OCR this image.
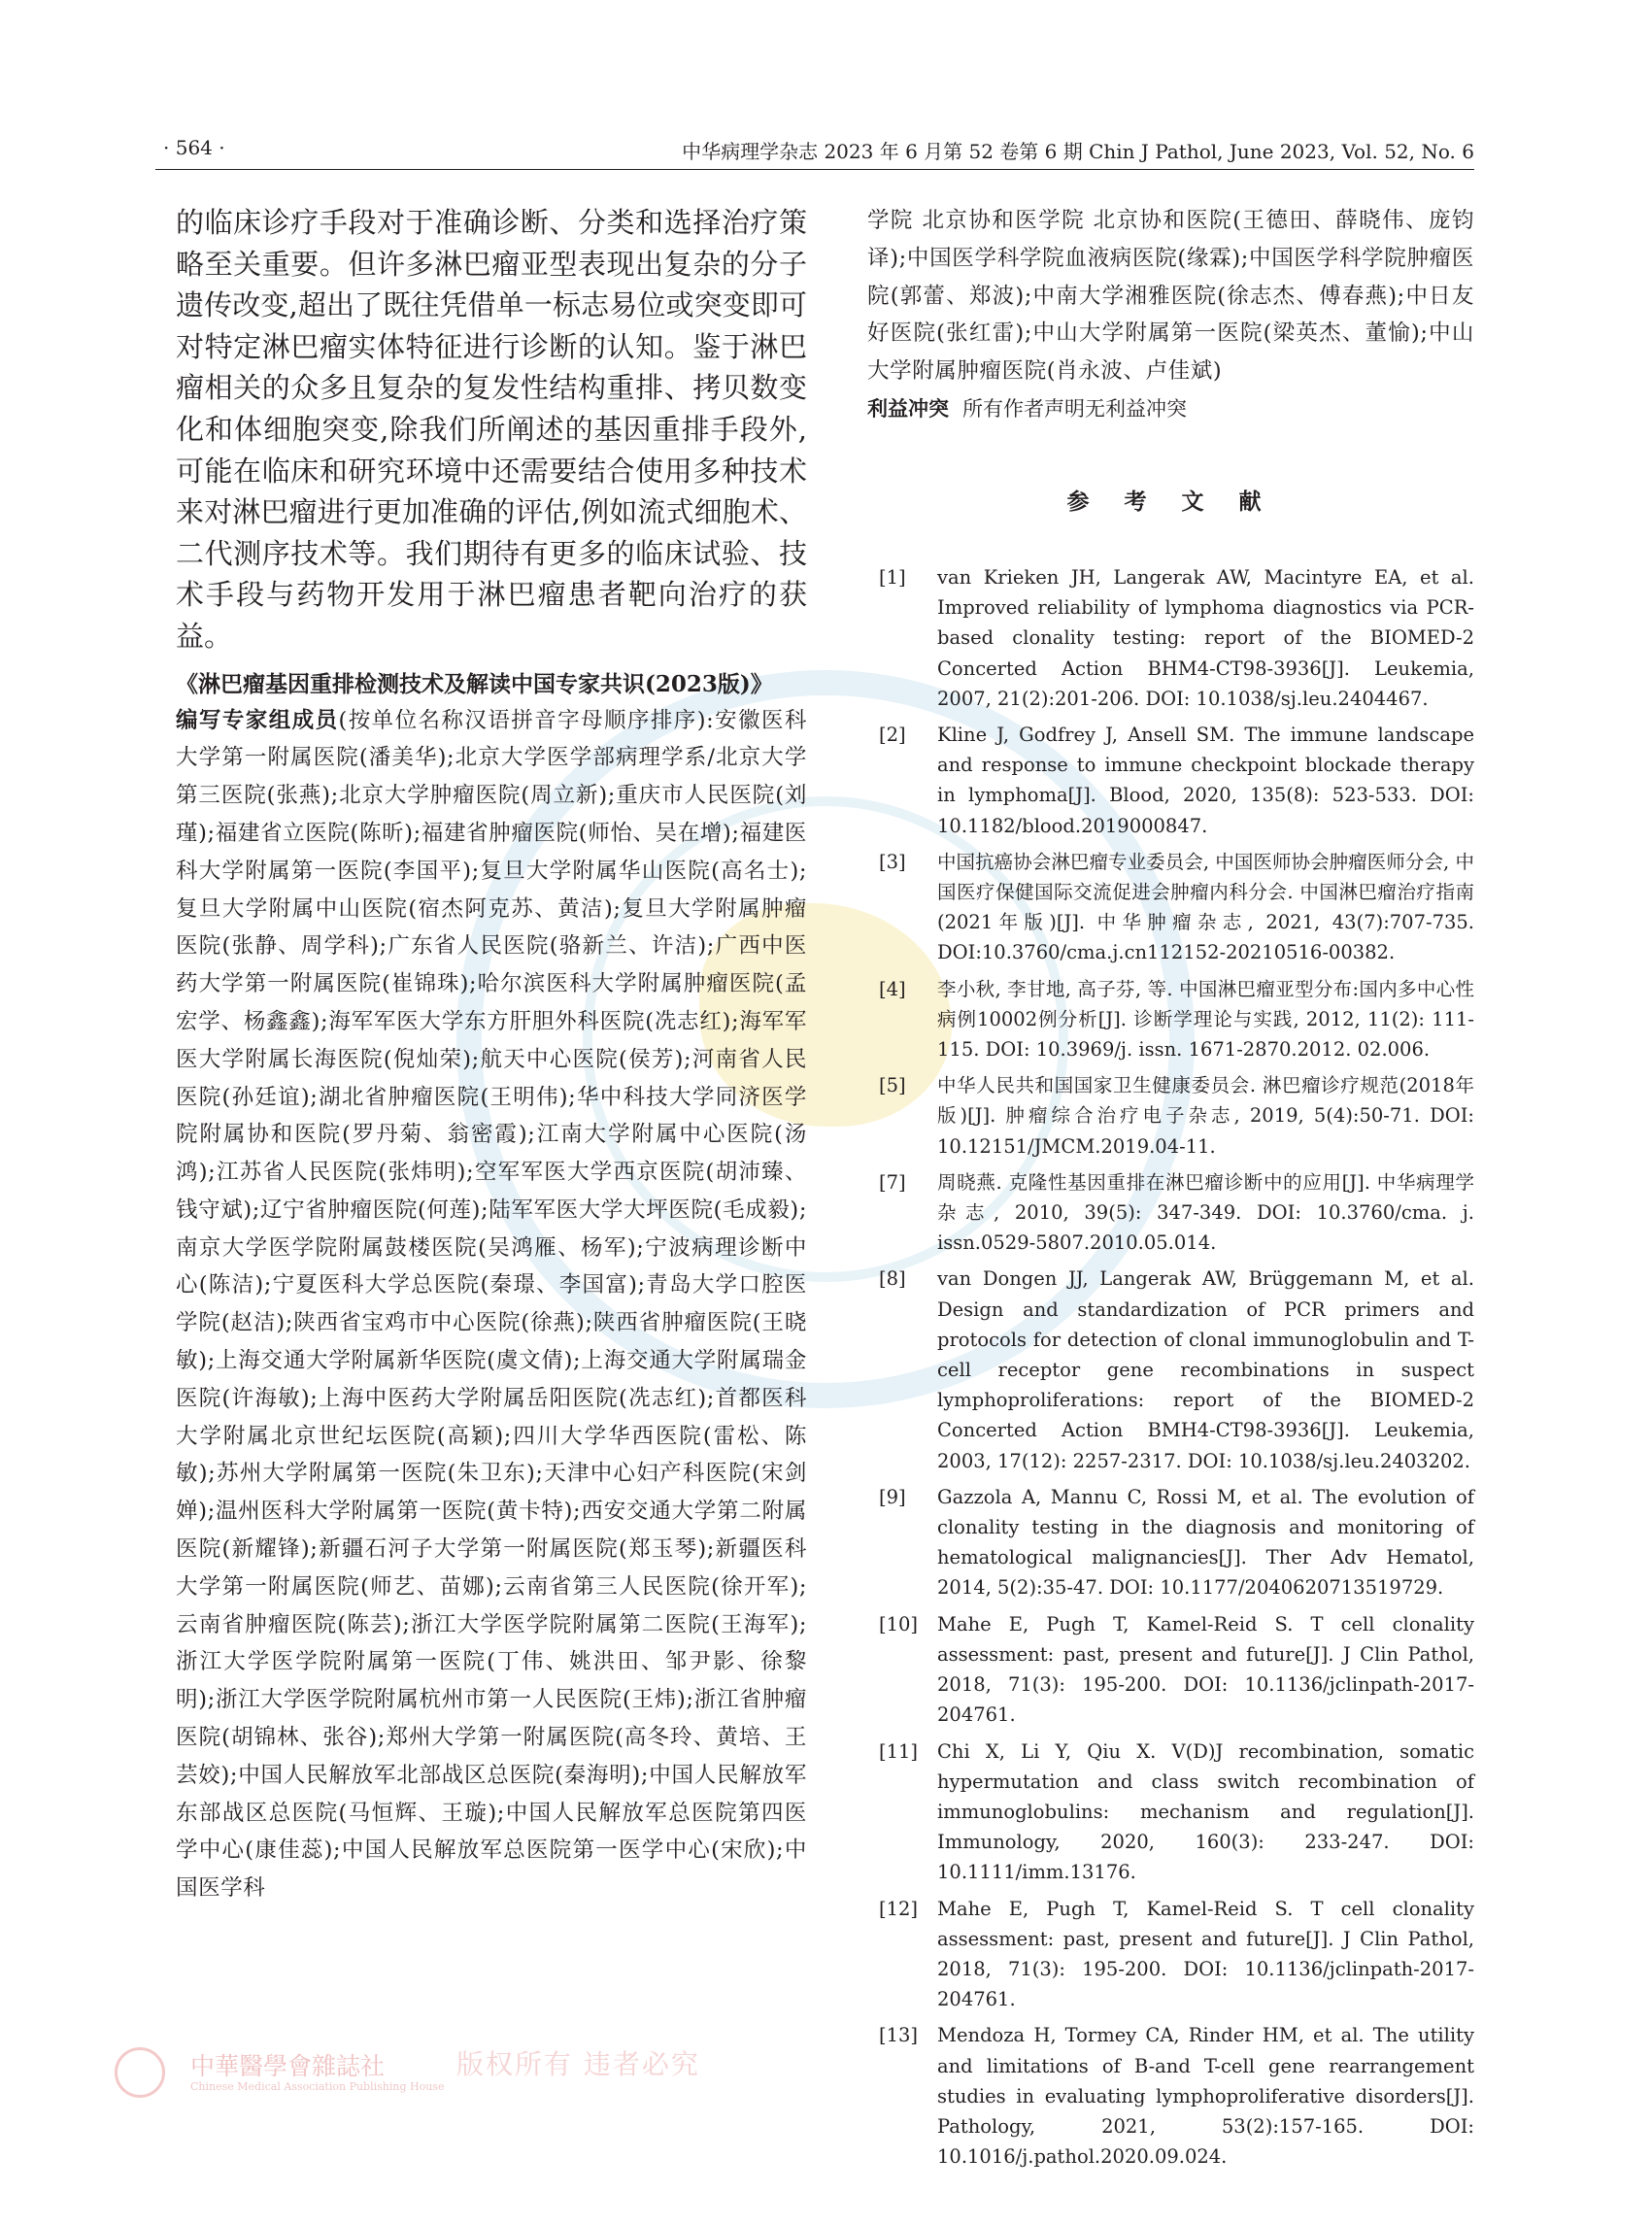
· 564 ·	中华病理学杂志 2023 年 6 月第 52 卷第 6 期 Chin J Pathol, June 2023, Vol. 52, No. 6

的临床诊疗手段对于准确诊断、分类和选择治疗策略至关重要。但许多淋巴瘤亚型表现出复杂的分子遗传改变,超出了既往凭借单一标志易位或突变即可对特定淋巴瘤实体特征进行诊断的认知。鉴于淋巴瘤相关的众多且复杂的复发性结构重排、拷贝数变化和体细胞突变,除我们所阐述的基因重排手段外,可能在临床和研究环境中还需要结合使用多种技术来对淋巴瘤进行更加准确的评估,例如流式细胞术、二代测序技术等。我们期待有更多的临床试验、技术手段与药物开发用于淋巴瘤患者靶向治疗的获益。

《淋巴瘤基因重排检测技术及解读中国专家共识(2023版)》

编写专家组成员(按单位名称汉语拼音字母顺序排序):安徽医科大学第一附属医院(潘美华);北京大学医学部病理学系/北京大学第三医院(张燕);北京大学肿瘤医院(周立新);重庆市人民医院(刘瑾);福建省立医院(陈昕);福建省肿瘤医院(师怡、吴在增);福建医科大学附属第一医院(李国平);复旦大学附属华山医院(高名士);复旦大学附属中山医院(宿杰阿克苏、黄洁);复旦大学附属肿瘤医院(张静、周学科);广东省人民医院(骆新兰、许洁);广西中医药大学第一附属医院(崔锦珠);哈尔滨医科大学附属肿瘤医院(孟宏学、杨鑫鑫);海军军医大学东方肝胆外科医院(冼志红);海军军医大学附属长海医院(倪灿荣);航天中心医院(侯芳);河南省人民医院(孙廷谊);湖北省肿瘤医院(王明伟);华中科技大学同济医学院附属协和医院(罗丹菊、翁密霞);江南大学附属中心医院(汤鸿);江苏省人民医院(张炜明);空军军医大学西京医院(胡沛臻、钱守斌);辽宁省肿瘤医院(何莲);陆军军医大学大坪医院(毛成毅);南京大学医学院附属鼓楼医院(吴鸿雁、杨军);宁波病理诊断中心(陈洁);宁夏医科大学总医院(秦璟、李国富);青岛大学口腔医学院(赵洁);陕西省宝鸡市中心医院(徐燕);陕西省肿瘤医院(王晓敏);上海交通大学附属新华医院(虞文倩);上海交通大学附属瑞金医院(许海敏);上海中医药大学附属岳阳医院(冼志红);首都医科大学附属北京世纪坛医院(高颖);四川大学华西医院(雷松、陈敏);苏州大学附属第一医院(朱卫东);天津中心妇产科医院(宋剑婵);温州医科大学附属第一医院(黄卡特);西安交通大学第二附属医院(新耀锋);新疆石河子大学第一附属医院(郑玉琴);新疆医科大学第一附属医院(师艺、苗娜);云南省第三人民医院(徐开军);云南省肿瘤医院(陈芸);浙江大学医学院附属第二医院(王海军);浙江大学医学院附属第一医院(丁伟、姚洪田、邹尹影、徐黎明);浙江大学医学院附属杭州市第一人民医院(王炜);浙江省肿瘤医院(胡锦林、张谷);郑州大学第一附属医院(高冬玲、黄培、王芸姣);中国人民解放军北部战区总医院(秦海明);中国人民解放军东部战区总医院(马恒辉、王璇);中国人民解放军总医院第四医学中心(康佳蕊);中国人民解放军总医院第一医学中心(宋欣);中国医学科

学院 北京协和医学院 北京协和医院(王德田、薛晓伟、庞钧译);中国医学科学院血液病医院(缘霖);中国医学科学院肿瘤医院(郭蕾、郑波);中南大学湘雅医院(徐志杰、傅春燕);中日友好医院(张红雷);中山大学附属第一医院(梁英杰、董愉);中山大学附属肿瘤医院(肖永波、卢佳斌)

利益冲突 所有作者声明无利益冲突

参 考 文 献
[1] van Krieken JH, Langerak AW, Macintyre EA, et al. Improved reliability of lymphoma diagnostics via PCR-based clonality testing: report of the BIOMED-2 Concerted Action BHM4-CT98-3936[J]. Leukemia, 2007, 21(2):201-206. DOI: 10.1038/sj.leu.2404467.
[2] Kline J, Godfrey J, Ansell SM. The immune landscape and response to immune checkpoint blockade therapy in lymphoma[J]. Blood, 2020, 135(8): 523-533. DOI: 10.1182/blood.2019000847.
[3] 中国抗癌协会淋巴瘤专业委员会, 中国医师协会肿瘤医师分会, 中国医疗保健国际交流促进会肿瘤内科分会. 中国淋巴瘤治疗指南(2021年版)[J]. 中华肿瘤杂志, 2021, 43(7):707-735. DOI:10.3760/cma.j.cn112152-20210516-00382.
[4] 李小秋, 李甘地, 高子芬, 等. 中国淋巴瘤亚型分布:国内多中心性病例10002例分析[J]. 诊断学理论与实践, 2012, 11(2): 111-115. DOI: 10.3969/j. issn. 1671-2870.2012. 02.006.
[5] 中华人民共和国国家卫生健康委员会. 淋巴瘤诊疗规范(2018年版)[J]. 肿瘤综合治疗电子杂志, 2019, 5(4):50-71. DOI: 10.12151/JMCM.2019.04-11.
[7] 周晓燕. 克隆性基因重排在淋巴瘤诊断中的应用[J]. 中华病理学杂志, 2010, 39(5): 347-349. DOI: 10.3760/cma. j. issn.0529-5807.2010.05.014.
[8] van Dongen JJ, Langerak AW, Brüggemann M, et al. Design and standardization of PCR primers and protocols for detection of clonal immunoglobulin and T-cell receptor gene recombinations in suspect lymphoproliferations: report of the BIOMED-2 Concerted Action BMH4-CT98-3936[J]. Leukemia, 2003, 17(12): 2257-2317. DOI: 10.1038/sj.leu.2403202.
[9] Gazzola A, Mannu C, Rossi M, et al. The evolution of clonality testing in the diagnosis and monitoring of hematological malignancies[J]. Ther Adv Hematol, 2014, 5(2):35-47. DOI: 10.1177/2040620713519729.
[10] Mahe E, Pugh T, Kamel-Reid S. T cell clonality assessment: past, present and future[J]. J Clin Pathol, 2018, 71(3): 195-200. DOI: 10.1136/jclinpath-2017-204761.
[11] Chi X, Li Y, Qiu X. V(D)J recombination, somatic hypermutation and class switch recombination of immunoglobulins: mechanism and regulation[J]. Immunology, 2020, 160(3): 233-247. DOI: 10.1111/imm.13176.
[12] Mahe E, Pugh T, Kamel-Reid S. T cell clonality assessment: past, present and future[J]. J Clin Pathol, 2018, 71(3): 195-200. DOI: 10.1136/jclinpath-2017-204761.
[13] Mendoza H, Tormey CA, Rinder HM, et al. The utility and limitations of B-and T-cell gene rearrangement studies in evaluating lymphoproliferative disorders[J]. Pathology, 2021, 53(2):157-165. DOI: 10.1016/j.pathol.2020.09.024.
中華醫學會雜誌社
Chinese Medical Association Publishing House
版权所有 违者必究
